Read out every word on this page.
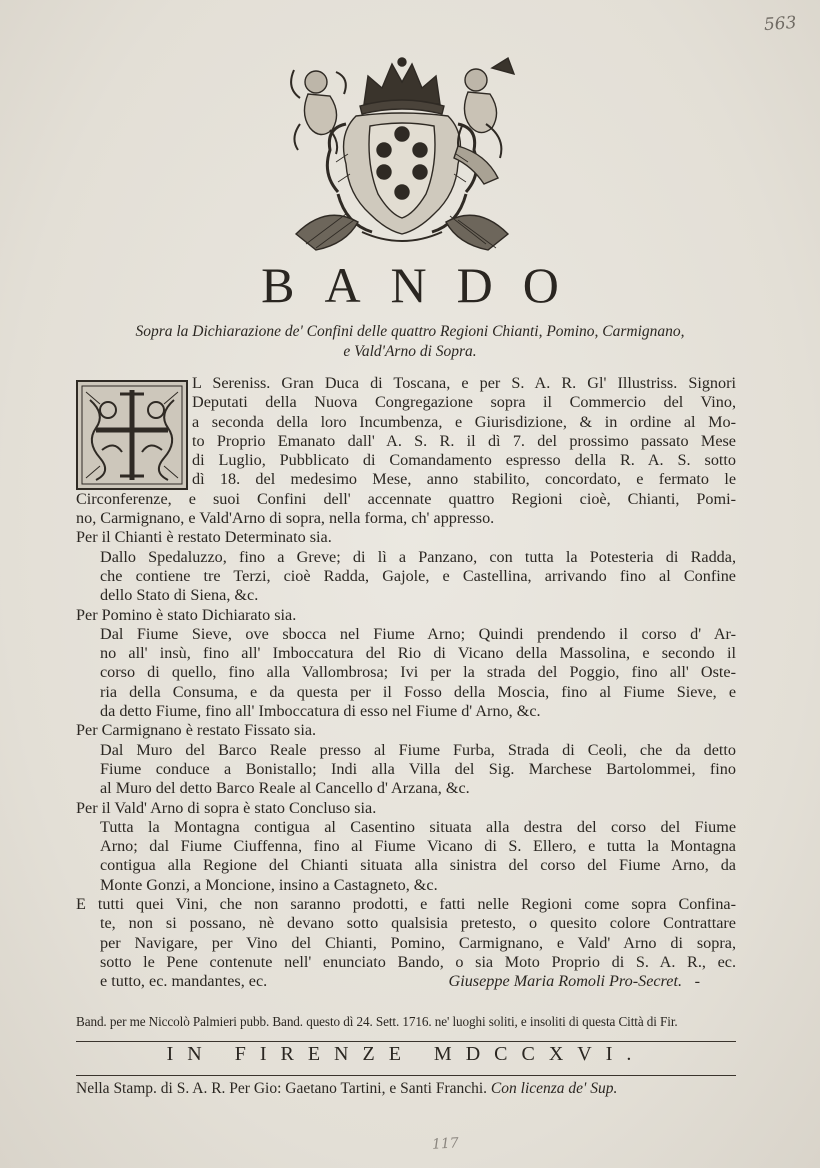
563
BANDO
Sopra la Dichiarazione de' Confini delle quattro Regioni Chianti, Pomino, Carmignano,
e Vald'Arno di Sopra.
L Sereniss. Gran Duca di Toscana, e per S. A. R. Gl' Illustriss. Signori
Deputati della Nuova Congregazione sopra il Commercio del Vino,
a seconda della loro Incumbenza, e Giurisdizione, & in ordine al Mo-
to Proprio Emanato dall' A. S. R. il dì 7. del prossimo passato Mese
di Luglio, Pubblicato di Comandamento espresso della R. A. S. sotto
dì 18. del medesimo Mese, anno stabilito, concordato, e fermato le
Circonferenze, e suoi Confini dell' accennate quattro Regioni cioè, Chianti, Pomi-
no, Carmignano, e Vald'Arno di sopra, nella forma, ch' appresso.
Per il Chianti è restato Determinato sia.
Dallo Spedaluzzo, fino a Greve; di lì a Panzano, con tutta la Potesteria di Radda,
che contiene tre Terzi, cioè Radda, Gajole, e Castellina, arrivando fino al Confine
dello Stato di Siena, &c.
Per Pomino è stato Dichiarato sia.
Dal Fiume Sieve, ove sbocca nel Fiume Arno; Quindi prendendo il corso d' Ar-
no all' insù, fino all' Imboccatura del Rio di Vicano della Massolina, e secondo il
corso di quello, fino alla Vallombrosa; Ivi per la strada del Poggio, fino all' Oste-
ria della Consuma, e da questa per il Fosso della Moscia, fino al Fiume Sieve, e
da detto Fiume, fino all' Imboccatura di esso nel Fiume d' Arno, &c.
Per Carmignano è restato Fissato sia.
Dal Muro del Barco Reale presso al Fiume Furba, Strada di Ceoli, che da detto
Fiume conduce a Bonistallo; Indi alla Villa del Sig. Marchese Bartolommei, fino
al Muro del detto Barco Reale al Cancello d' Arzana, &c.
Per il Vald' Arno di sopra è stato Concluso sia.
Tutta la Montagna contigua al Casentino situata alla destra del corso del Fiume
Arno; dal Fiume Ciuffenna, fino al Fiume Vicano di S. Ellero, e tutta la Montagna
contigua alla Regione del Chianti situata alla sinistra del corso del Fiume Arno, da
Monte Gonzi, a Moncione, insino a Castagneto, &c.
E tutti quei Vini, che non saranno prodotti, e fatti nelle Regioni come sopra Confina-
te, non si possano, nè devano sotto qualsisia pretesto, o quesito colore Contrattare
per Navigare, per Vino del Chianti, Pomino, Carmignano, e Vald' Arno di sopra,
sotto le Pene contenute nell' enunciato Bando, o sia Moto Proprio di S. A. R., ec.
e tutto, ec. mandantes, ec.	Giuseppe Maria Romoli Pro-Secret. -
Band. per me Niccolò Palmieri pubb. Band. questo dì 24. Sett. 1716. ne' luoghi soliti, e insoliti di questa Città di Fir.
IN FIRENZE MDCCXVI.
Nella Stamp. di S. A. R. Per Gio: Gaetano Tartini, e Santi Franchi. Con licenza de' Sup.
117
